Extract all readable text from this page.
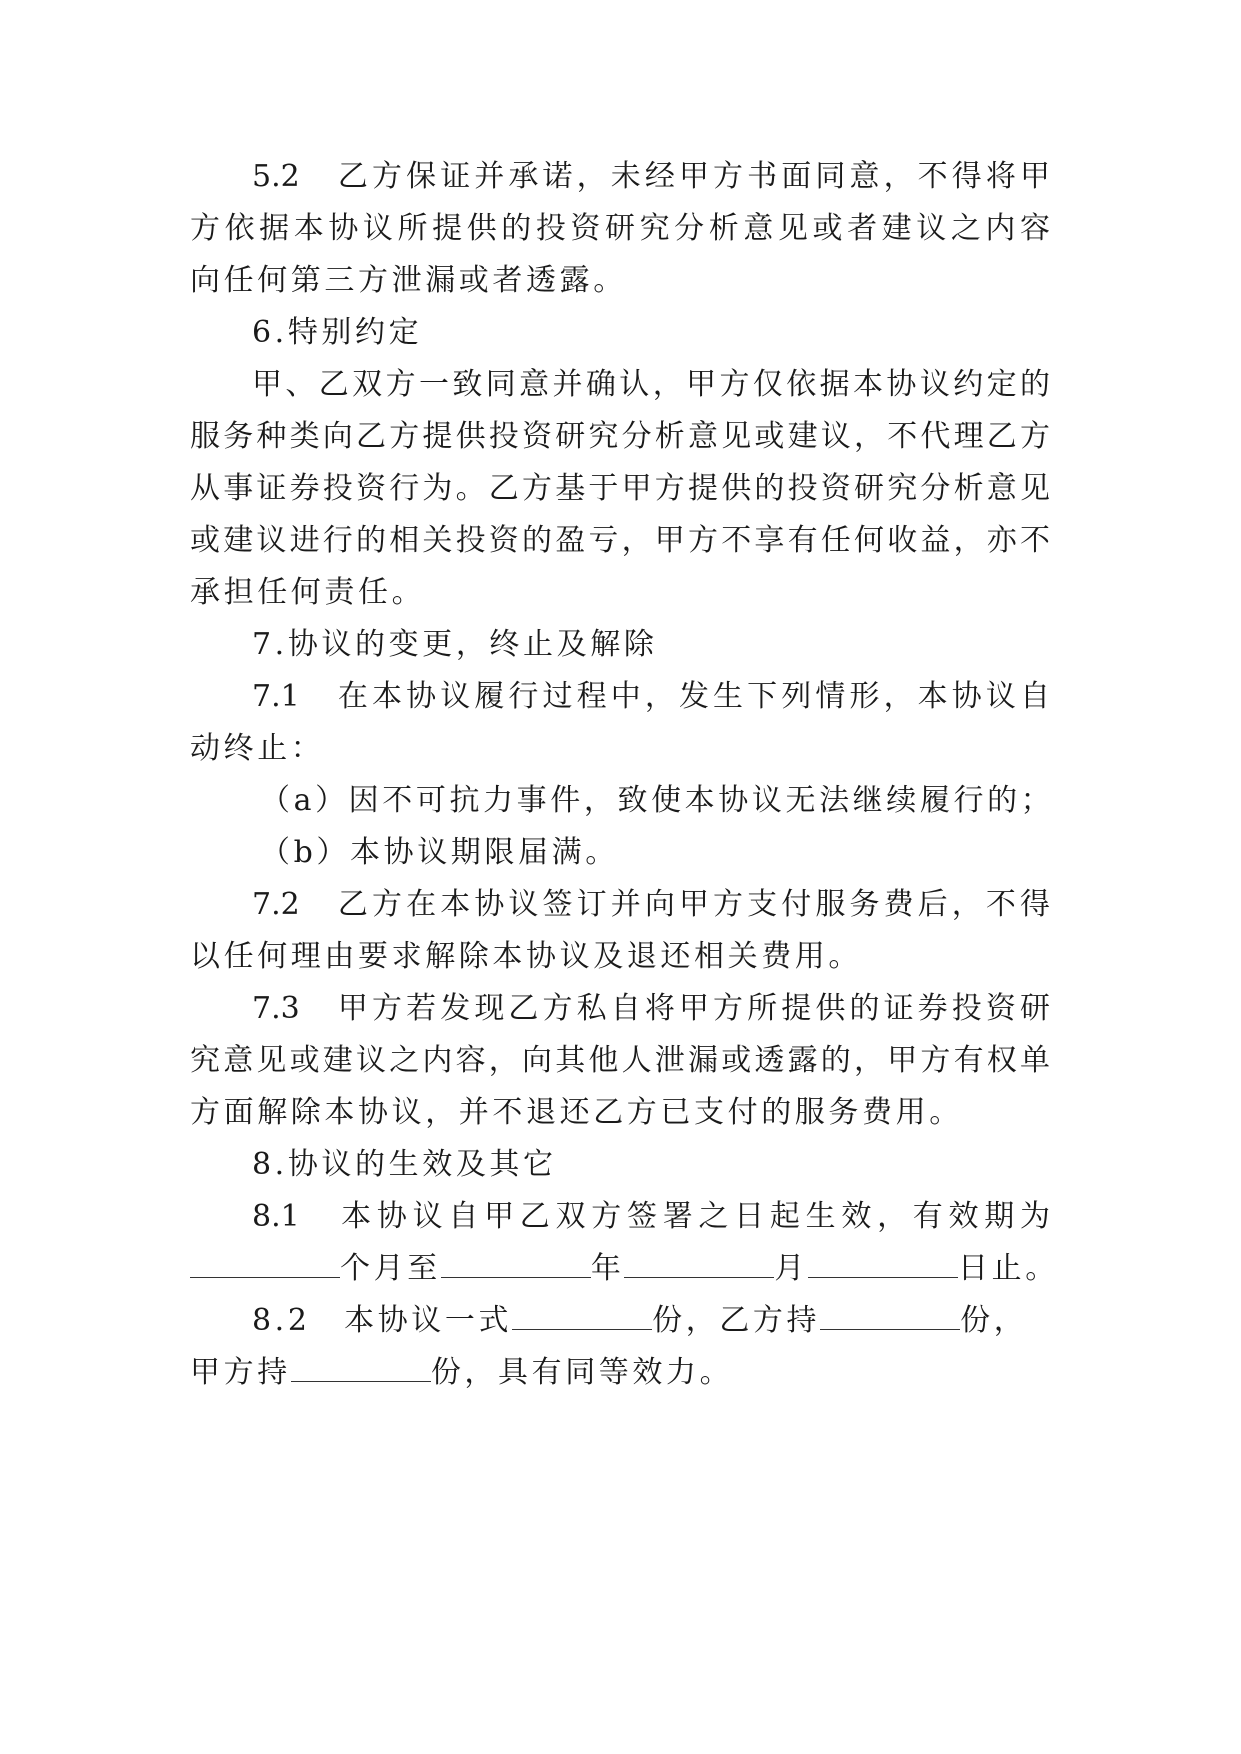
5.2　乙方保证并承诺，未经甲方书面同意，不得将甲
方依据本协议所提供的投资研究分析意见或者建议之内容
向任何第三方泄漏或者透露。
6.特别约定
甲、乙双方一致同意并确认，甲方仅依据本协议约定的
服务种类向乙方提供投资研究分析意见或建议，不代理乙方
从事证券投资行为。乙方基于甲方提供的投资研究分析意见
或建议进行的相关投资的盈亏，甲方不享有任何收益，亦不
承担任何责任。
7.协议的变更，终止及解除
7.1　在本协议履行过程中，发生下列情形，本协议自
动终止：
（a）因不可抗力事件，致使本协议无法继续履行的；
（b）本协议期限届满。
7.2　乙方在本协议签订并向甲方支付服务费后，不得
以任何理由要求解除本协议及退还相关费用。
7.3　甲方若发现乙方私自将甲方所提供的证券投资研
究意见或建议之内容，向其他人泄漏或透露的，甲方有权单
方面解除本协议，并不退还乙方已支付的服务费用。
8.协议的生效及其它
8.1　本协议自甲乙双方签署之日起生效，有效期为
个月至	年	月	日止。
8.2　本协议一式	份，乙方持	份，
甲方持	份，具有同等效力。
